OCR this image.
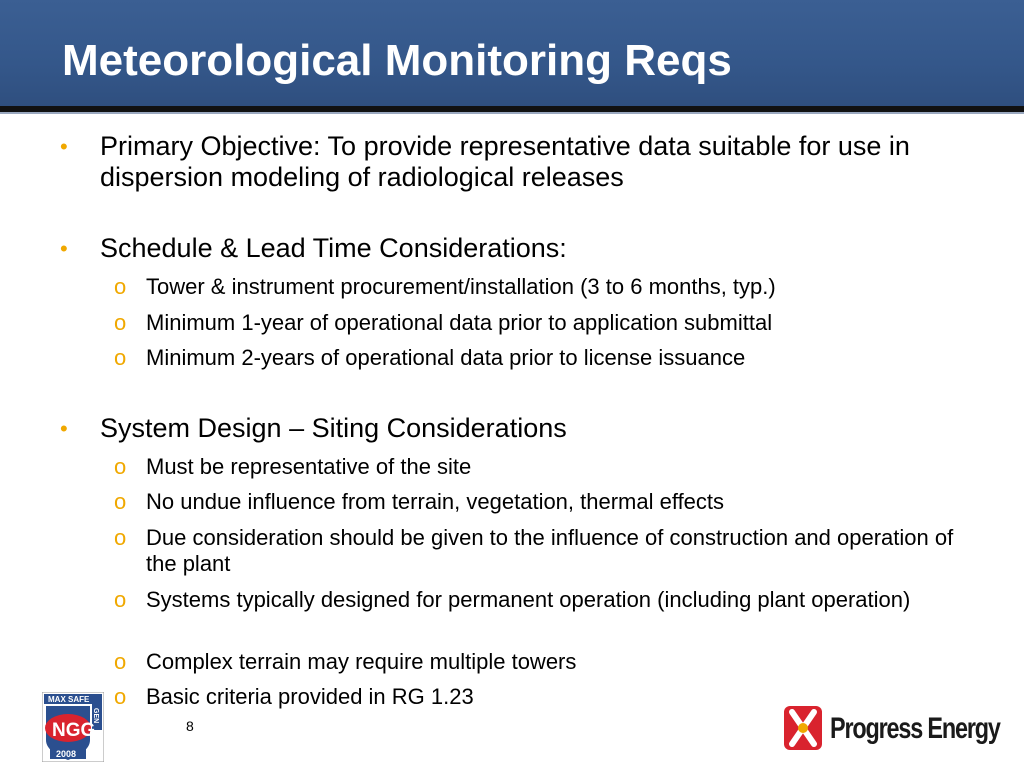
Meteorological Monitoring Reqs
• Primary Objective: To provide representative data suitable for use in dispersion modeling of radiological releases
• Schedule & Lead Time Considerations:
o Tower & instrument procurement/installation (3 to 6 months, typ.)
o Minimum 1-year of operational data prior to application submittal
o Minimum 2-years of operational data prior to license issuance
• System Design – Siting Considerations
o Must be representative of the site
o No undue influence from terrain, vegetation, thermal effects
o Due consideration should be given to the influence of construction and operation of the plant
o Systems typically designed for permanent operation (including plant operation)
o Complex terrain may require multiple towers
o Basic criteria provided in RG 1.23
8
MAX SAFE
GEN
NGG
2008
Progress Energy
